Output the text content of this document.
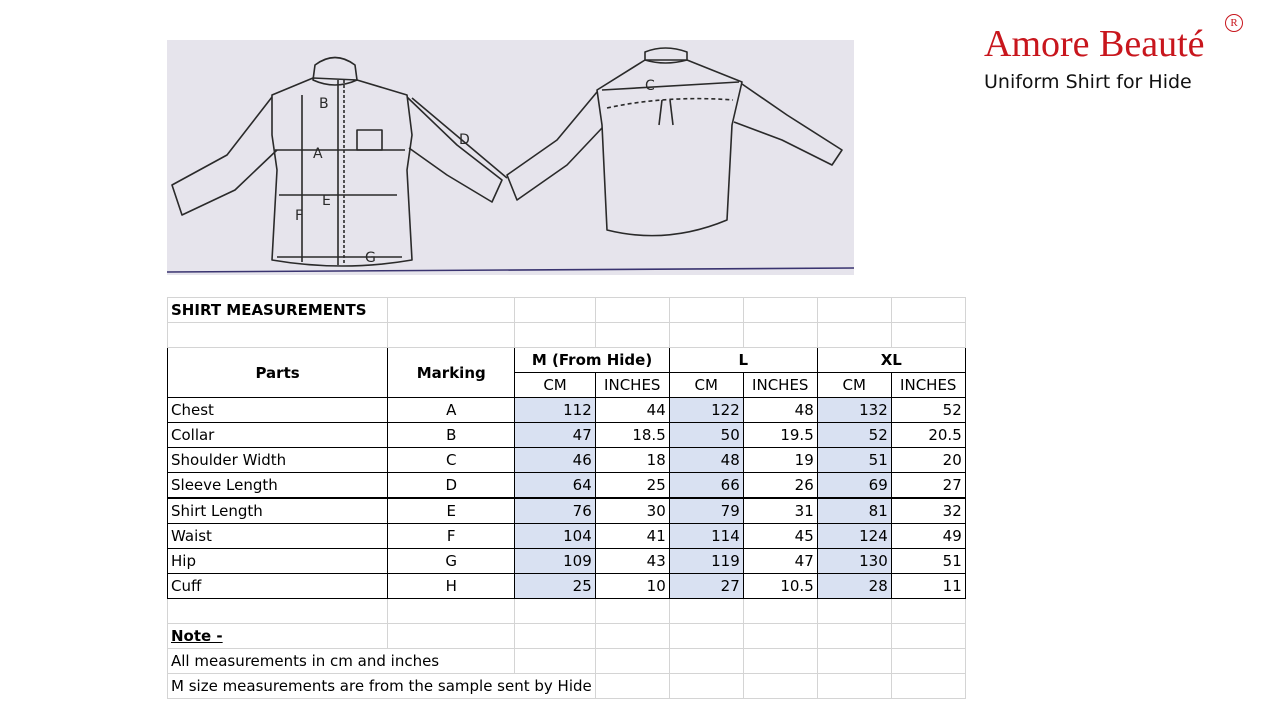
Amore Beauté	R
Uniform Shirt for Hide
A
B
D
E
F
G
C
SHIRT MEASUREMENTS							

Parts	Marking	M (From Hide)		L		XL	
		CM	INCHES	CM	INCHES	CM	INCHES
Chest	A	112	44	122	48	132	52
Collar	B	47	18.5	50	19.5	52	20.5
Shoulder Width	C	46	18	48	19	51	20
Sleeve Length	D	64	25	66	26	69	27
Shirt Length	E	76	30	79	31	81	32
Waist	F	104	41	114	45	124	49
Hip	G	109	43	119	47	130	51
Cuff	H	25	10	27	10.5	28	11

Note -							
All measurements in cm and inches							
M size measurements are from the sample sent by Hide							
